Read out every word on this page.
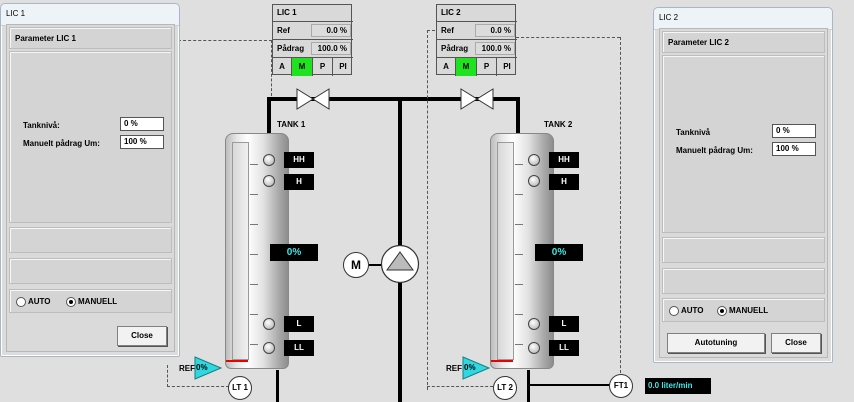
LIC 1
Ref	0.0 %
Pådrag	100.0 %
A	M	P	PI
LIC 2
Ref	0.0 %
Pådrag	100.0 %
A	M	P	PI
TANK 1
HH
H
0%
L
LL
TANK 2
HH
H
0%
L
LL
M
REF 0%
LT 1
REF 0%
LT 2	FT1	0.0 liter/min
LIC 1
Parameter LIC 1
Tanknivå:	0 %
Manuelt pådrag Um:	100 %
AUTO	MANUELL
Close
LIC 2
Parameter LIC 2
Tanknivå	0 %
Manuelt pådrag Um:	100 %
AUTO	MANUELL
Autotuning	Close
